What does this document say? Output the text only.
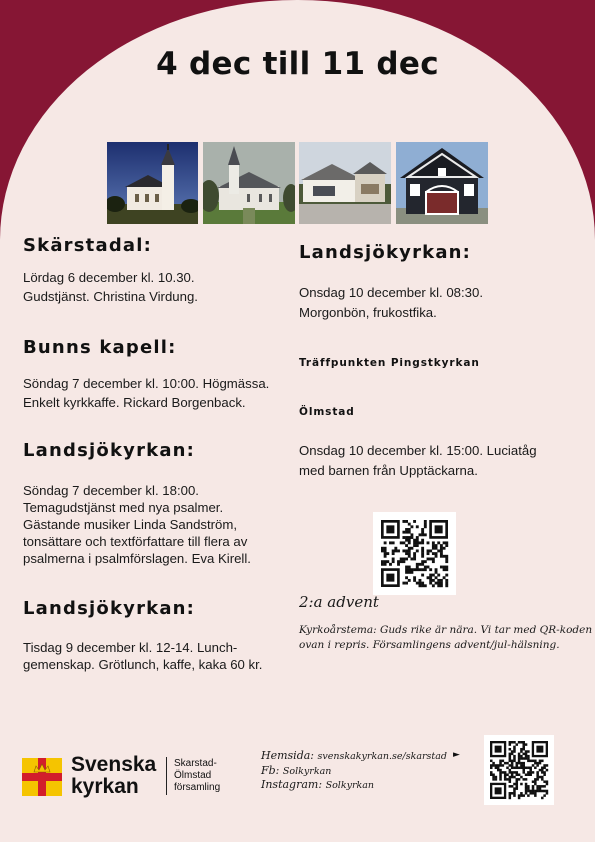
4 dec till 11 dec
Skärstadal:
Lördag 6 december kl. 10.30.
Gudstjänst. Christina Virdung.
Bunns kapell:
Söndag 7 december kl. 10:00. Högmässa.
Enkelt kyrkkaffe. Rickard Borgenback.
Landsjökyrkan:
Söndag 7 december kl. 18:00.
Temagudstjänst med nya psalmer.
Gästande musiker Linda Sandström,
tonsättare och textförfattare till flera av
psalmerna i psalmförslagen. Eva Kirell.
Landsjökyrkan:
Tisdag 9 december kl. 12-14. Lunch-
gemenskap. Grötlunch, kaffe, kaka 60 kr.
Landsjökyrkan:
Onsdag 10 december kl. 08:30.
Morgonbön, frukostfika.
Träffpunkten Pingstkyrkan
Ölmstad
Onsdag 10 december kl. 15:00. Luciatåg
med barnen från Upptäckarna.
2:a advent
Kyrkoårstema: Guds rike är nära. Vi tar med QR-koden
ovan i repris. Församlingens advent/jul-hälsning.
Svenska
kyrkan
Skarstad-
Ölmstad
församling
Hemsida: svenskakyrkan.se/skarstad ►
Fb: Solkyrkan
Instagram: Solkyrkan
